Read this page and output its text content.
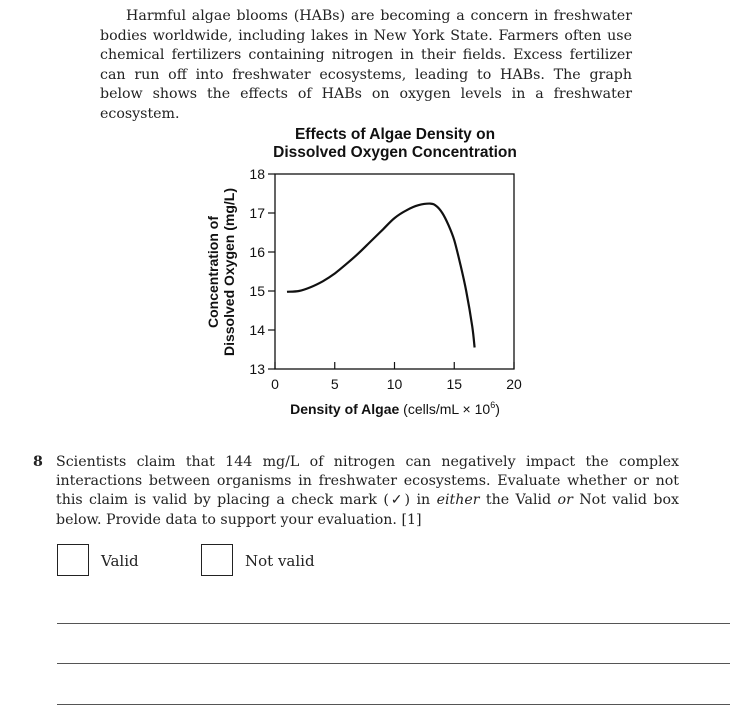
Harmful algae blooms (HABs) are becoming a concern in freshwater bodies worldwide, including lakes in New York State. Farmers often use chemical fertilizers containing nitrogen in their fields. Excess fertilizer can run off into freshwater ecosystems, leading to HABs. The graph below shows the effects of HABs on oxygen levels in a freshwater ecosystem.

Effects of Algae Density on
Dissolved Oxygen Concentration
13
14
15
16
17
18
0	5	10	15	20
Concentration of Dissolved Oxygen (mg/L)
Density of Algae (cells/mL × $10^6$)
8 Scientists claim that 144 mg/L of nitrogen can negatively impact the complex interactions between organisms in freshwater ecosystems. Evaluate whether or not this claim is valid by placing a check mark (✓) in either the Valid or Not valid box below. Provide data to support your evaluation. [1]
Valid	Not valid
